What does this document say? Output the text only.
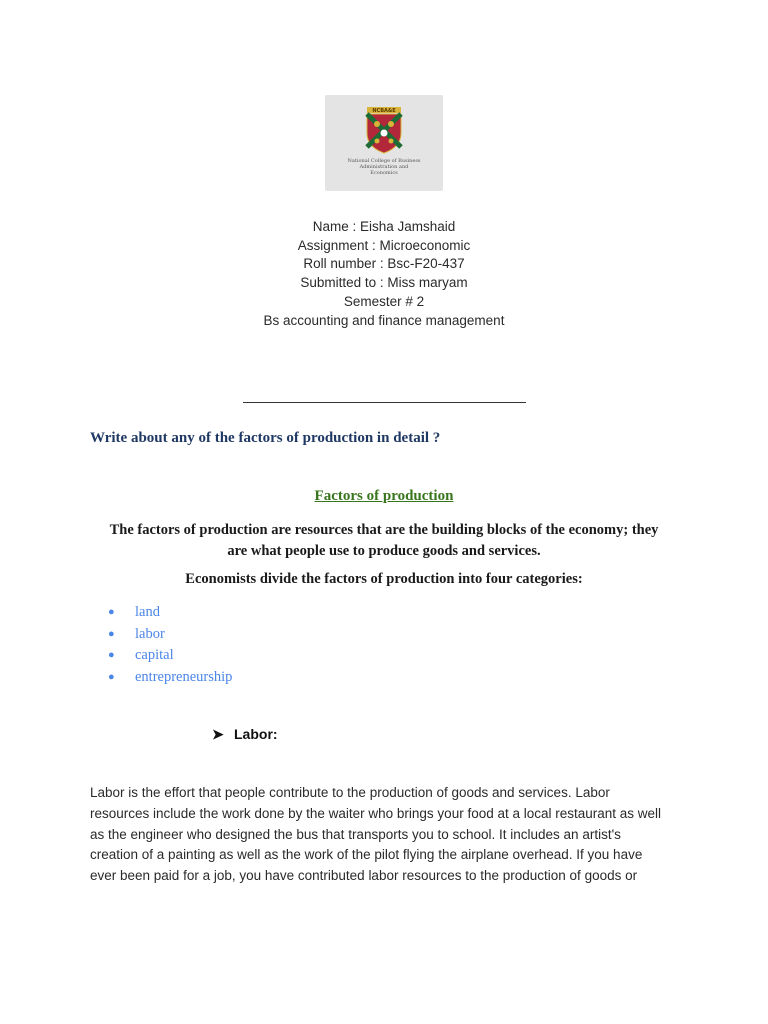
NCBA&E
National College of Business
Administration and
Economics
Name : Eisha Jamshaid
Assignment : Microeconomic
Roll number : Bsc-F20-437
Submitted to : Miss maryam
Semester # 2
Bs accounting and finance management
Write about any of the factors of production in detail ?
Factors of production
The factors of production are resources that are the building blocks of the economy; they
are what people use to produce goods and services.
Economists divide the factors of production into four categories:
● land
● labor
● capital
● entrepreneurship
➤ Labor:
Labor is the effort that people contribute to the production of goods and services. Labor
resources include the work done by the waiter who brings your food at a local restaurant as well
as the engineer who designed the bus that transports you to school. It includes an artist's
creation of a painting as well as the work of the pilot flying the airplane overhead. If you have
ever been paid for a job, you have contributed labor resources to the production of goods or
